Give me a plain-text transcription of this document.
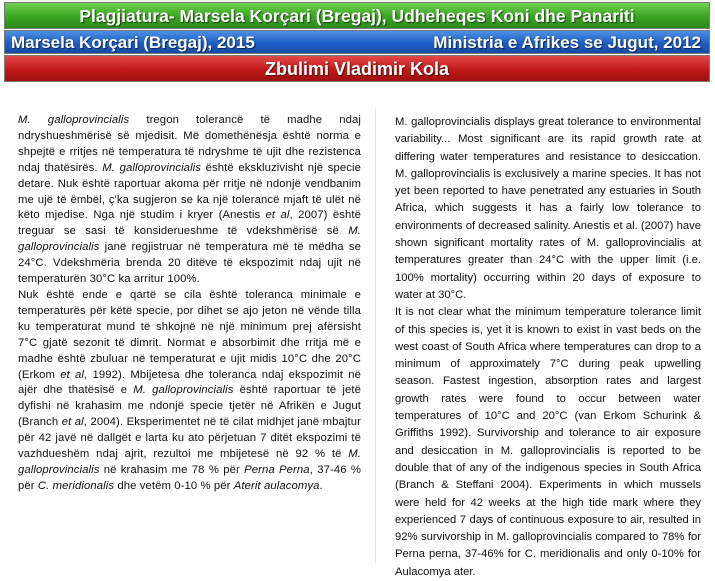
Plagjiatura- Marsela Korçari (Bregaj), Udheheqes Koni dhe Panariti
Marsela Korçari (Bregaj), 2015	Ministria e Afrikes se Jugut, 2012
Zbulimi Vladimir Kola

M. galloprovincialis tregon tolerancë të madhe ndaj ndryshueshmërisë së mjedisit. Më domethënësja është norma e shpejtë e rritjes në temperatura të ndryshme të ujit dhe rezistenca ndaj thatësirës. M. galloprovincialis është ekskluzivisht një specie detare. Nuk është raportuar akoma për rritje në ndonjë vendbanim me ujë të ëmbël, ç'ka sugjeron se ka një tolerancë mjaft të ulët në këto mjedise. Nga një studim i kryer (Anestis et al, 2007) është treguar se sasi të konsiderueshme të vdekshmërisë së M. galloprovincialis janë regjistruar në temperatura më të mëdha se 24°C. Vdekshmëria brenda 20 ditëve të ekspozimit ndaj ujit në temperaturën 30°C ka arritur 100%.

Nuk është ende e qartë se cila është toleranca minimale e temperaturës për këtë specie, por dihet se ajo jeton në vënde tilla ku temperaturat mund të shkojnë në një minimum prej afërsisht 7°C gjatë sezonit të dimrit. Normat e absorbimit dhe rritja më e madhe është zbuluar në temperaturat e ujit midis 10°C dhe 20°C (Erkom et al, 1992). Mbijetesa dhe toleranca ndaj ekspozimit në ajër dhe thatësisë e M. galloprovincialis është raportuar të jetë dyfishi në krahasim me ndonjë specie tjetër në Afrikën e Jugut (Branch et al, 2004). Eksperimentet në të cilat midhjet janë mbajtur për 42 javë në dallgët e larta ku ato përjetuan 7 ditët ekspozimi të vazhdueshëm ndaj ajrit, rezultoi me mbijetesë në 92 % të M. galloprovincialis në krahasim me 78 % për Perna Perna, 37-46 % për C. meridionalis dhe vetëm 0-10 % për Aterit aulacomya.

M. galloprovincialis displays great tolerance to environmental variability... Most significant are its rapid growth rate at differing water temperatures and resistance to desiccation. M. galloprovincialis is exclusively a marine species. It has not yet been reported to have penetrated any estuaries in South Africa, which suggests it has a fairly low tolerance to environments of decreased salinity. Anestis et al. (2007) have shown significant mortality rates of M. galloprovincialis at temperatures greater than 24°C with the upper limit (i.e. 100% mortality) occurring within 20 days of exposure to water at 30°C.

It is not clear what the minimum temperature tolerance limit of this species is, yet it is known to exist in vast beds on the west coast of South Africa where temperatures can drop to a minimum of approximately 7°C during peak upwelling season. Fastest ingestion, absorption rates and largest growth rates were found to occur between water temperatures of 10°C and 20°C (van Erkom Schurink & Griffiths 1992). Survivorship and tolerance to air exposure and desiccation in M. galloprovincialis is reported to be double that of any of the indigenous species in South Africa (Branch & Steffani 2004). Experiments in which mussels were held for 42 weeks at the high tide mark where they experienced 7 days of continuous exposure to air, resulted in 92% survivorship in M. galloprovincialis compared to 78% for Perna perna, 37-46% for C. meridionalis and only 0-10% for Aulacomya ater.
